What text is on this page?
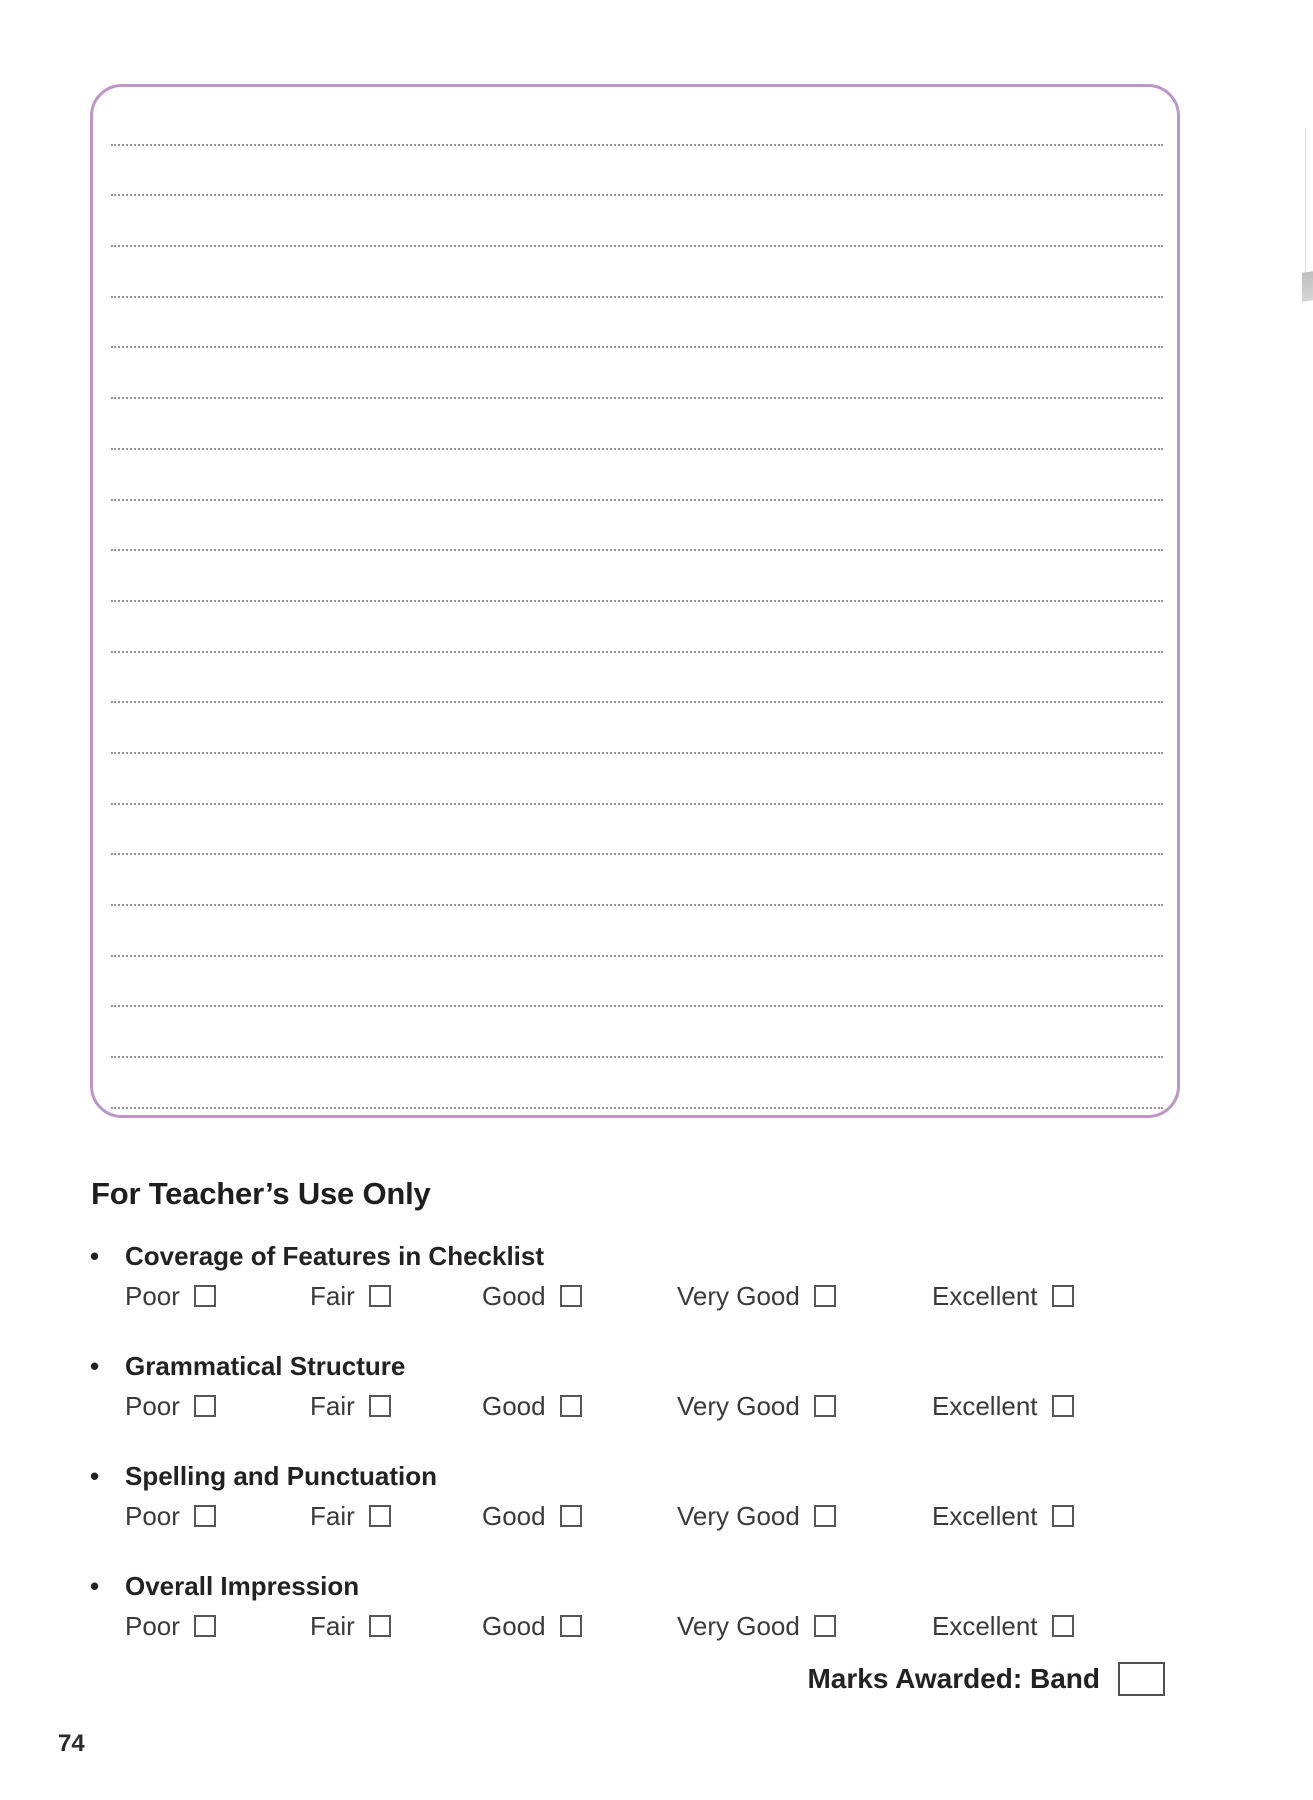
For Teacher’s Use Only
• Coverage of Features in Checklist
Poor	Fair	Good	Very Good	Excellent
• Grammatical Structure
Poor	Fair	Good	Very Good	Excellent
• Spelling and Punctuation
Poor	Fair	Good	Very Good	Excellent
• Overall Impression
Poor	Fair	Good	Very Good	Excellent
Marks Awarded: Band
74
